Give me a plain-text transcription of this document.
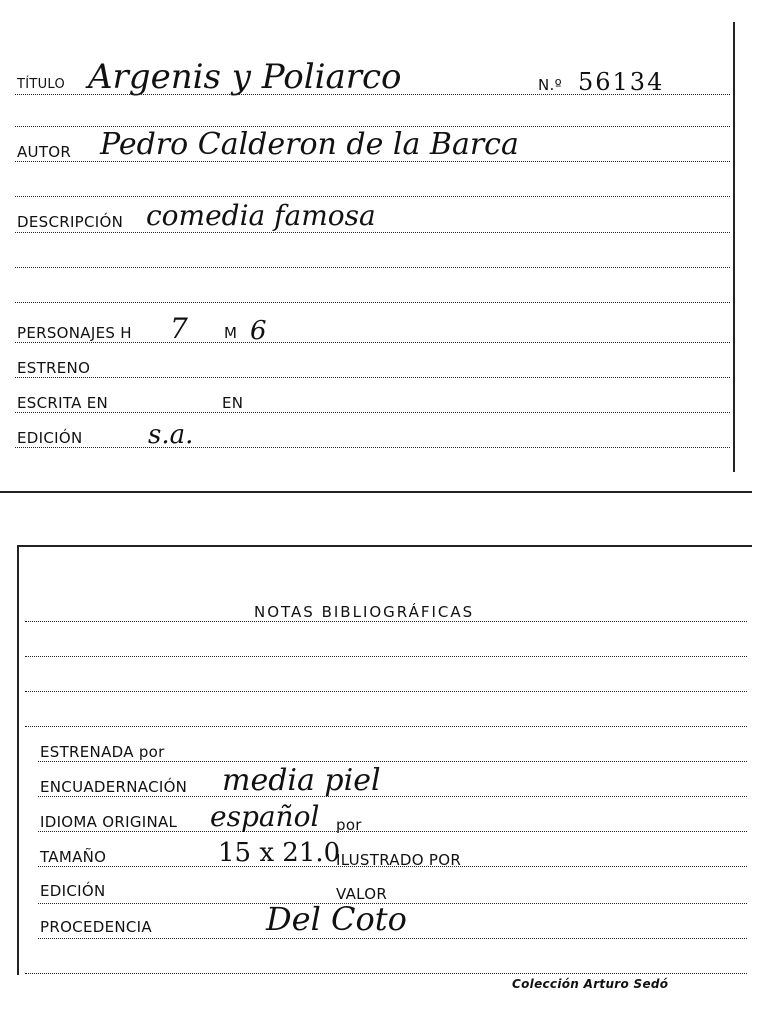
TÍTULO Argenis y Poliarco	N.º 56134
AUTOR Pedro Calderon de la Barca
DESCRIPCIÓN comedia famosa
PERSONAJES H 7 M 6
ESTRENO
ESCRITA EN	EN
EDICIÓN	s.a.
NOTAS BIBLIOGRÁFICAS
ESTRENADA por
ENCUADERNACIÓN media piel
IDIOMA ORIGINAL español por
TAMAÑO	15 x 21.0
ILUSTRADO POR
EDICIÓN	VALOR
PROCEDENCIA	Del Coto
Colección Arturo Sedó
